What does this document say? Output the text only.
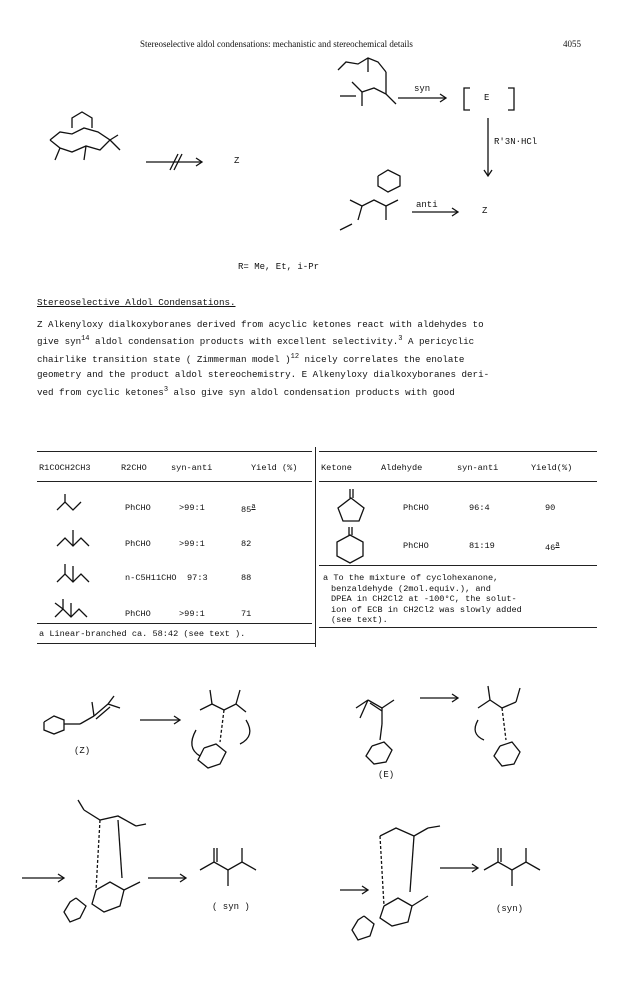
Stereoselective aldol condensations: mechanistic and stereochemical details	4055
syn
E
R'3N·HCl
Z
anti
Z
R= Me, Et, i-Pr

Stereoselective Aldol Condensations.

Z Alkenyloxy dialkoxyboranes derived from acyclic ketones react with aldehydes to
give syn$^{14}$ aldol condensation products with excellent selectivity.$^3$ A pericyclic
chairlike transition state ( Zimmerman model )$^{12}$ nicely correlates the enolate
geometry and the product aldol stereochemistry. E Alkenyloxy dialkoxyboranes deri-
ved from cyclic ketones$^3$ also give syn aldol condensation products with good

R1COCH2CH3	R2CHO	syn-anti	Yield (%)
PhCHO	>99:1	85$^a$
PhCHO	>99:1	82
n-C5H11CHO 97:3	88
PhCHO	>99:1	71
a Linear-branched ca. 58:42 (see text ).
Ketone	Aldehyde	syn-anti	Yield(%)
PhCHO	96:4	90
PhCHO	81:19	46$^a$
a To the mixture of cyclohexanone,
benzaldehyde (2mol.equiv.), and
DPEA in CH2Cl2 at -100°C, the solut-
ion of ECB in CH2Cl2 was slowly added
(see text).
(Z)
(E)
( syn )	(syn)
